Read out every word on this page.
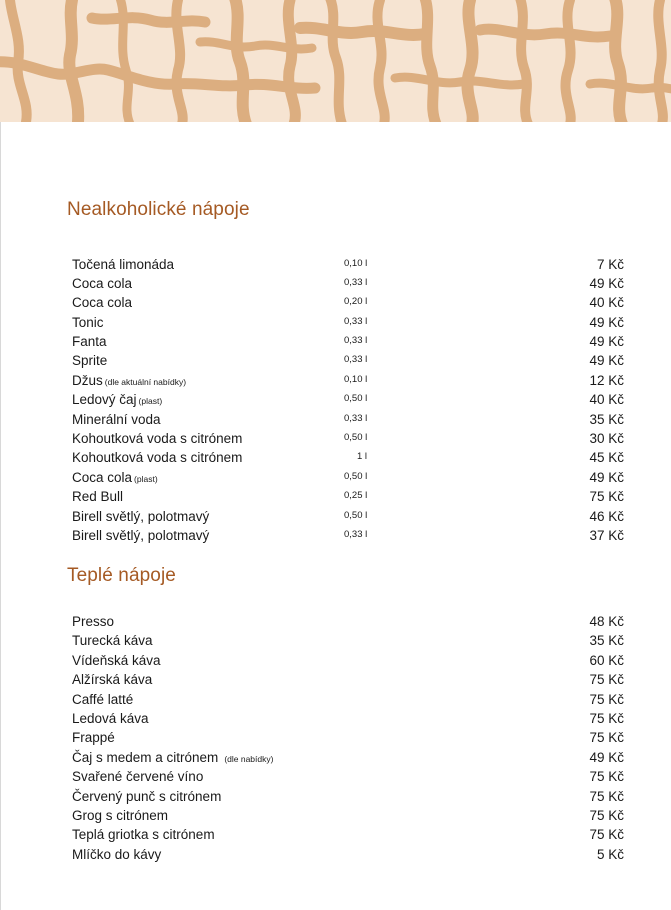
Nealkoholické nápoje
Točená limonáda	0,10 l	7 Kč
Coca cola	0,33 l	49 Kč
Coca cola	0,20 l	40 Kč
Tonic	0,33 l	49 Kč
Fanta	0,33 l	49 Kč
Sprite	0,33 l	49 Kč
Džus (dle aktuální nabídky)	0,10 l	12 Kč
Ledový čaj (plast)	0,50 l	40 Kč
Minerální voda	0,33 l	35 Kč
Kohoutková voda s citrónem	0,50 l	30 Kč
Kohoutková voda s citrónem	1 l	45 Kč
Coca cola (plast)	0,50 l	49 Kč
Red Bull	0,25 l	75 Kč
Birell světlý, polotmavý	0,50 l	46 Kč
Birell světlý, polotmavý	0,33 l	37 Kč
Teplé nápoje
Presso	48 Kč
Turecká káva	35 Kč
Vídeňská káva	60 Kč
Alžírská káva	75 Kč
Caffé latté	75 Kč
Ledová káva	75 Kč
Frappé	75 Kč
Čaj s medem a citrónem (dle nabídky)	49 Kč
Svařené červené víno	75 Kč
Červený punč s citrónem	75 Kč
Grog s citrónem	75 Kč
Teplá griotka s citrónem	75 Kč
Mlíčko do kávy	5 Kč
